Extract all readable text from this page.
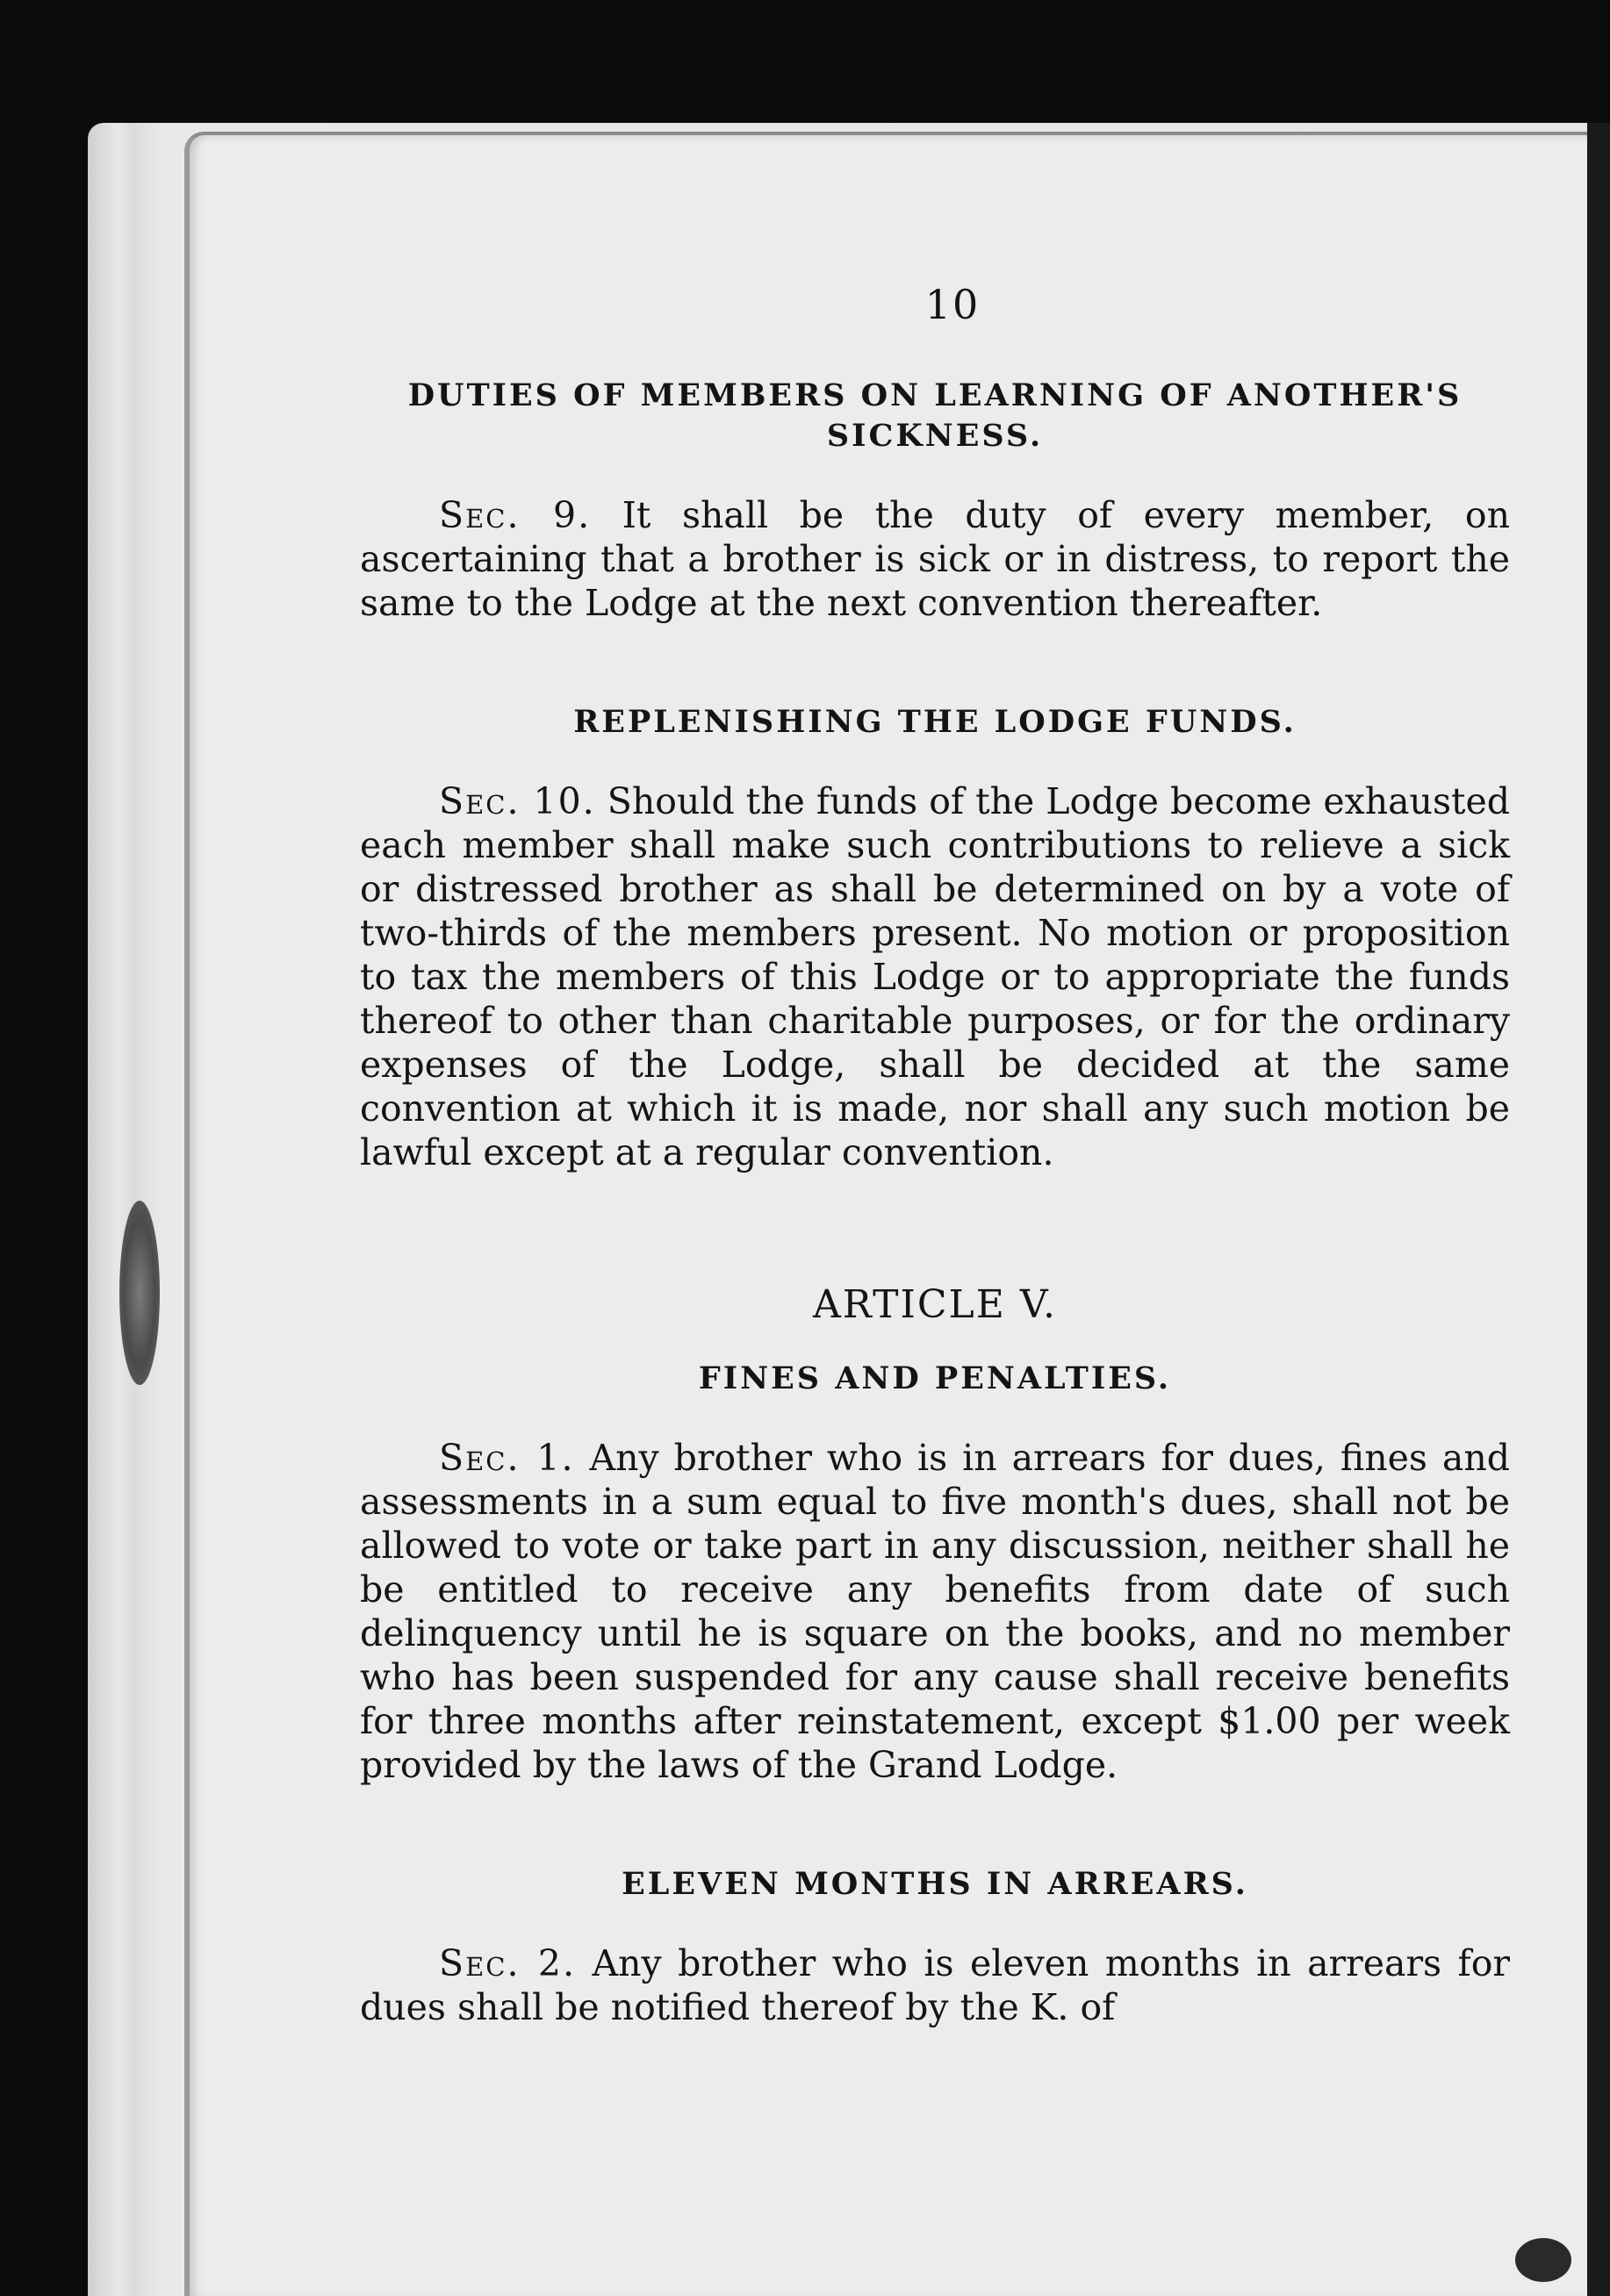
10

DUTIES OF MEMBERS ON LEARNING OF ANOTHER'S SICKNESS.

Sec. 9. It shall be the duty of every member, on ascertaining that a brother is sick or in distress, to report the same to the Lodge at the next convention thereafter.

REPLENISHING THE LODGE FUNDS.

Sec. 10. Should the funds of the Lodge become exhausted each member shall make such contributions to relieve a sick or distressed brother as shall be determined on by a vote of two-thirds of the members present. No motion or proposition to tax the members of this Lodge or to appropriate the funds thereof to other than charitable purposes, or for the ordinary expenses of the Lodge, shall be decided at the same convention at which it is made, nor shall any such motion be lawful except at a regular convention.

ARTICLE V.

FINES AND PENALTIES.

Sec. 1. Any brother who is in arrears for dues, fines and assessments in a sum equal to five month's dues, shall not be allowed to vote or take part in any discussion, neither shall he be entitled to receive any benefits from date of such delinquency until he is square on the books, and no member who has been suspended for any cause shall receive benefits for three months after reinstatement, except $1.00 per week provided by the laws of the Grand Lodge.

ELEVEN MONTHS IN ARREARS.

Sec. 2. Any brother who is eleven months in arrears for dues shall be notified thereof by the K. of
